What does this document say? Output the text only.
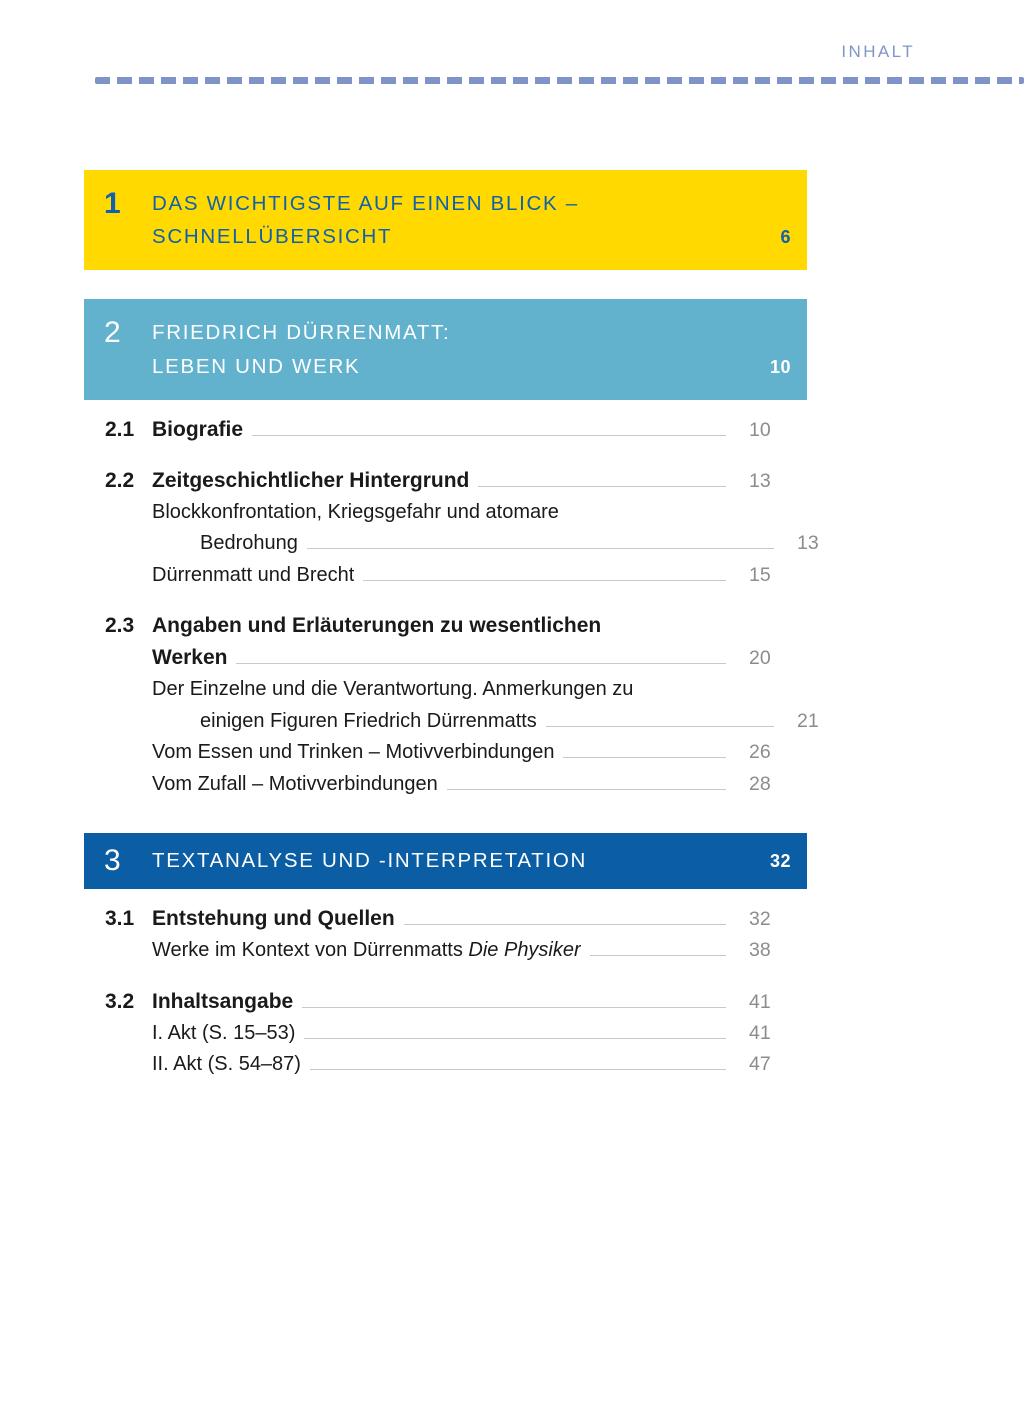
INHALT
1	DAS WICHTIGSTE AUF EINEN BLICK –
SCHNELLÜBERSICHT	6
2	FRIEDRICH DÜRRENMATT:
LEBEN UND WERK	10
2.1 Biografie	10
2.2 Zeitgeschichtlicher Hintergrund	13
Blockkonfrontation, Kriegsgefahr und atomare
Bedrohung	13
Dürrenmatt und Brecht	15
2.3 Angaben und Erläuterungen zu wesentlichen
Werken	20
Der Einzelne und die Verantwortung. Anmerkungen zu
einigen Figuren Friedrich Dürrenmatts	21
Vom Essen und Trinken – Motivverbindungen	26
Vom Zufall – Motivverbindungen	28
3	TEXTANALYSE UND -INTERPRETATION	32
3.1 Entstehung und Quellen	32
Werke im Kontext von Dürrenmatts Die Physiker	38
3.2 Inhaltsangabe	41
I. Akt (S. 15–53)	41
II. Akt (S. 54–87)	47
